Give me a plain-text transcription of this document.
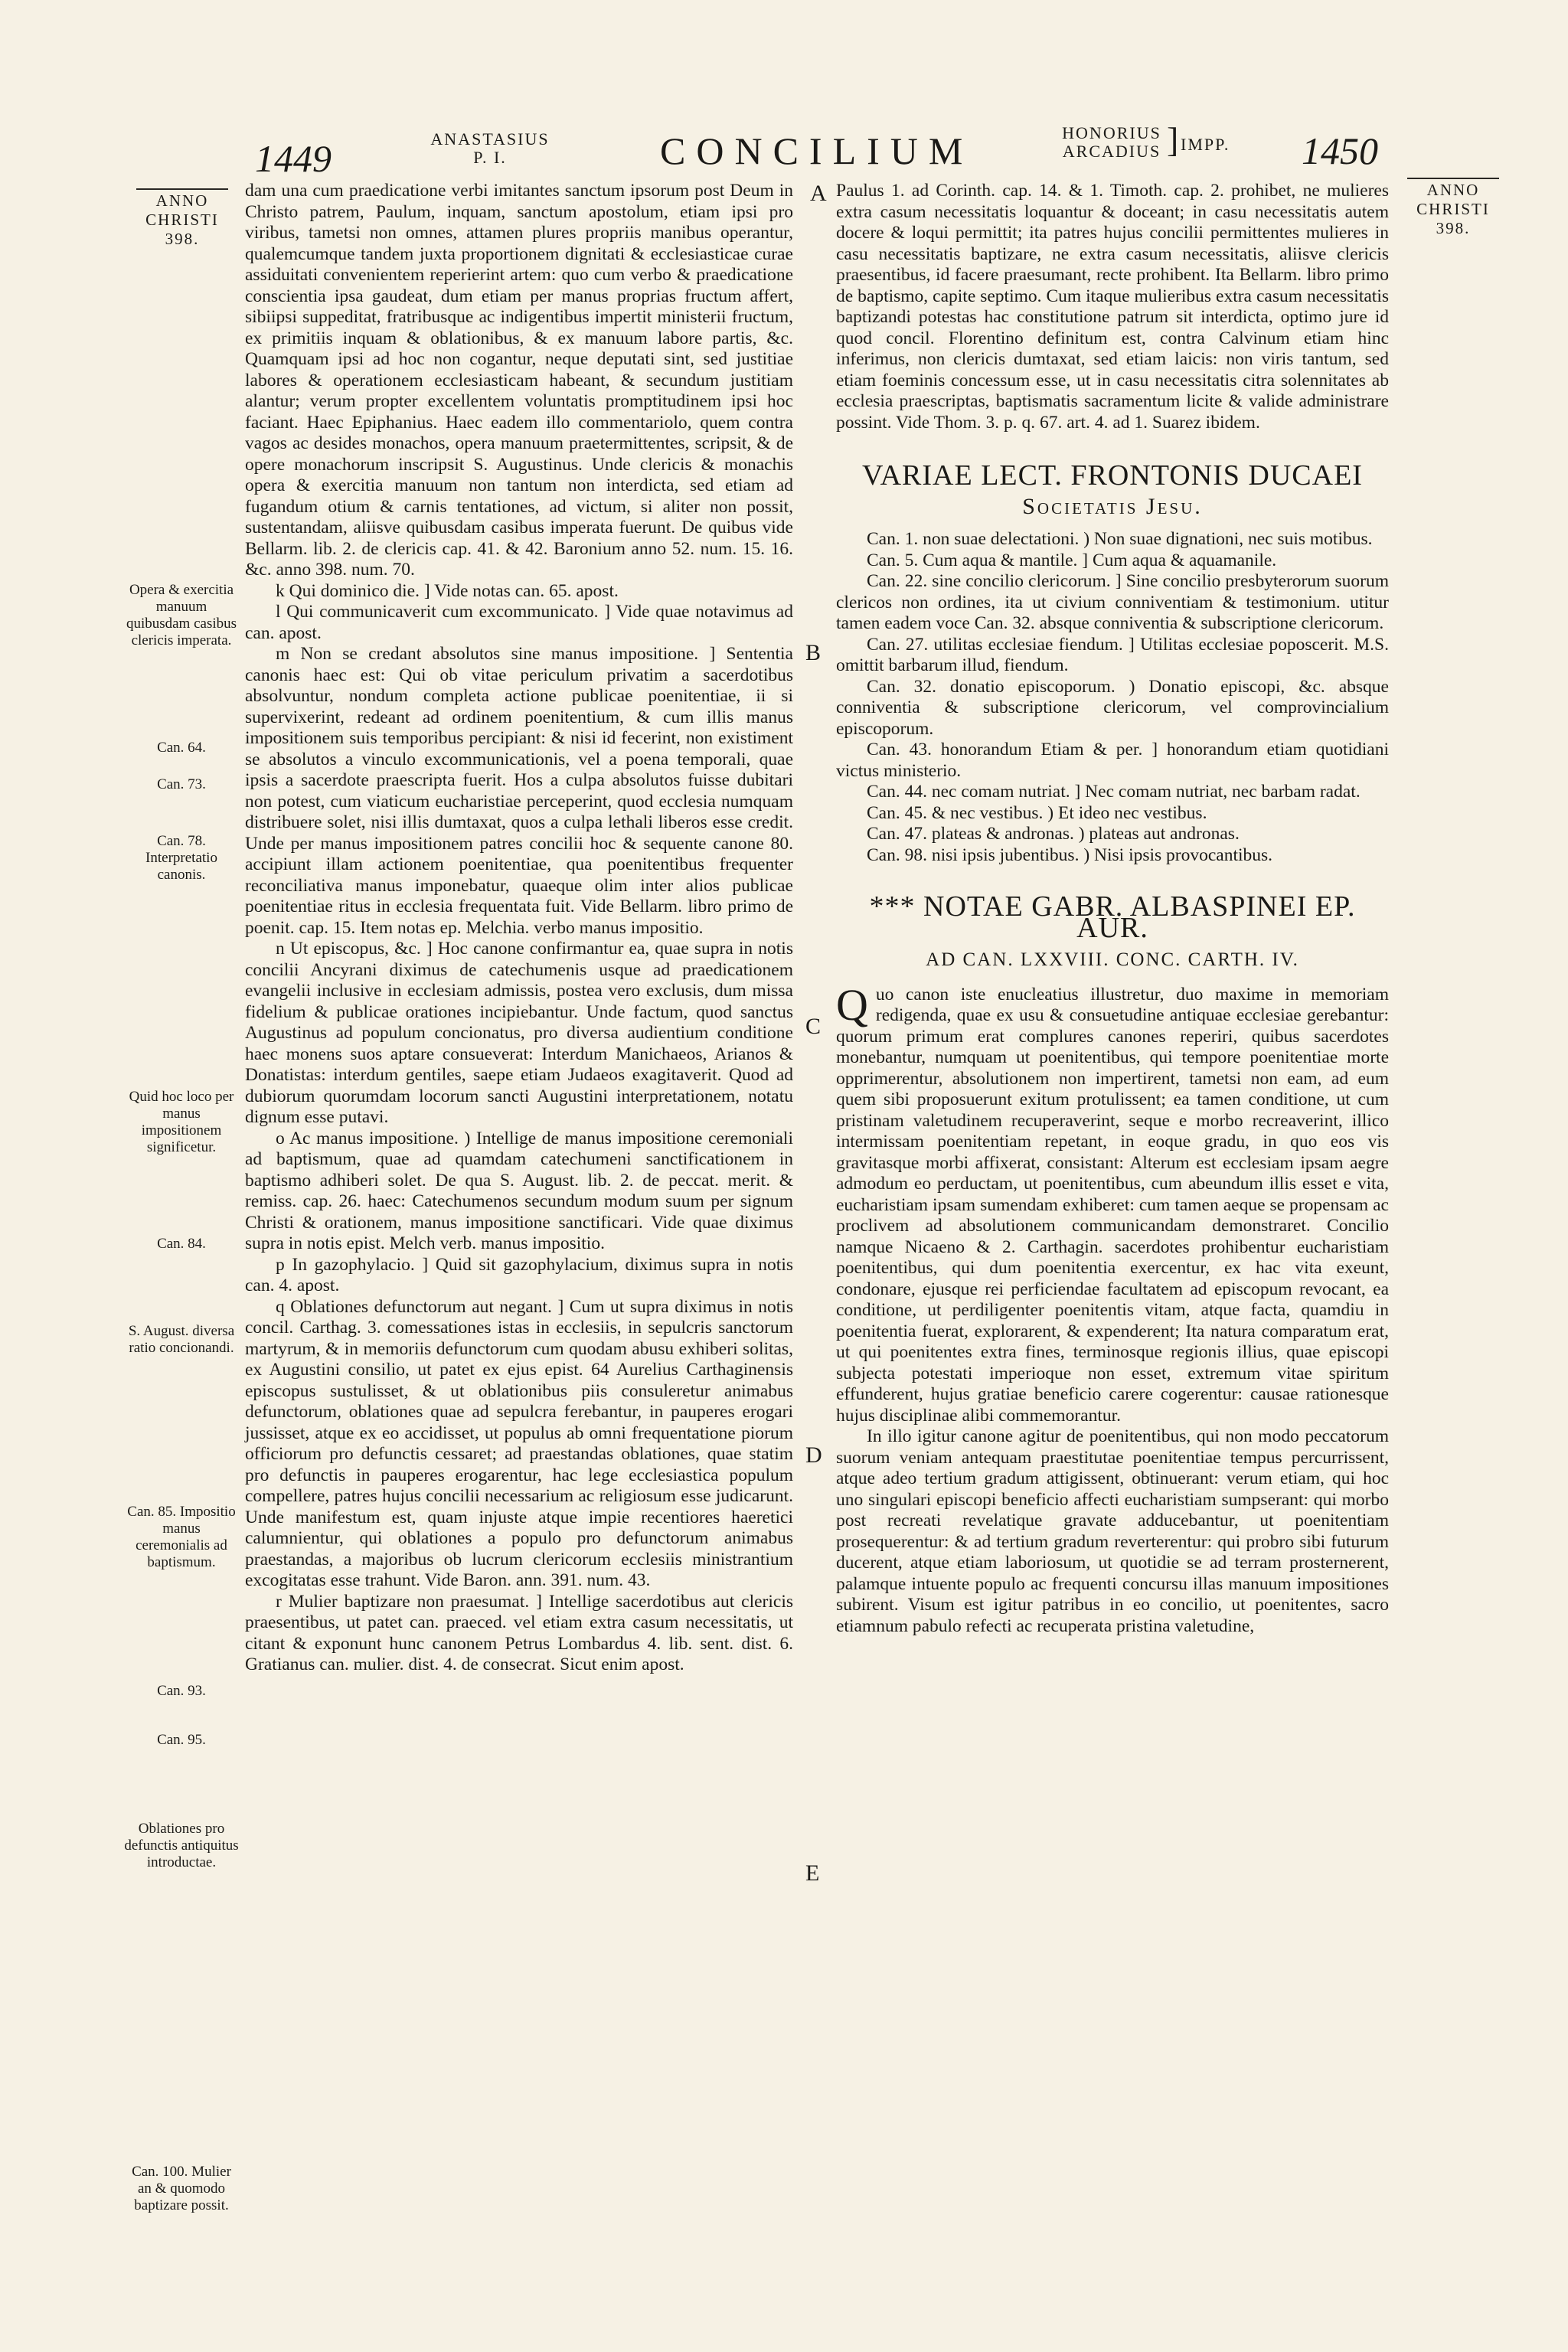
1449	ANASTASIUS
P. I.	CONCILIUM	HONORIUS
ARCADIUS ] IMPP. 1450
ANNO
CHRISTI
398.
ANNO
CHRISTI
398.
Opera & exercitia manuum quibusdam casibus clericis imperata.
Can. 64.
Can. 73.
Can. 78. Interpretatio canonis.
Quid hoc loco per manus impositionem significetur.
Can. 84.
S. August. diversa ratio concionandi.
Can. 85. Impositio manus ceremonialis ad baptismum.
Can. 93.
Can. 95.
Oblationes pro defunctis antiquitus introductae.
Can. 100. Mulier an & quomodo baptizare possit.
A
B
C
D
E

dam una cum praedicatione verbi imitantes sanctum ipsorum post Deum in Christo patrem, Paulum, inquam, sanctum apostolum, etiam ipsi pro viribus, tametsi non omnes, attamen plures propriis manibus operantur, qualemcumque tandem juxta proportionem dignitati & ecclesiasticae curae assiduitati convenientem reperierint artem: quo cum verbo & praedicatione conscientia ipsa gaudeat, dum etiam per manus proprias fructum affert, sibiipsi suppeditat, fratribusque ac indigentibus impertit ministerii fructum, ex primitiis inquam & oblationibus, & ex manuum labore partis, &c. Quamquam ipsi ad hoc non cogantur, neque deputati sint, sed justitiae labores & operationem ecclesiasticam habeant, & secundum justitiam alantur; verum propter excellentem voluntatis promptitudinem ipsi hoc faciant. Haec Epiphanius. Haec eadem illo commentariolo, quem contra vagos ac desides monachos, opera manuum praetermittentes, scripsit, & de opere monachorum inscripsit S. Augustinus. Unde clericis & monachis opera & exercitia manuum non tantum non interdicta, sed etiam ad fugandum otium & carnis tentationes, ad victum, si aliter non possit, sustentandam, aliisve quibusdam casibus imperata fuerunt. De quibus vide Bellarm. lib. 2. de clericis cap. 41. & 42. Baronium anno 52. num. 15. 16. &c. anno 398. num. 70.

k Qui dominico die. ] Vide notas can. 65. apost.

l Qui communicaverit cum excommunicato. ] Vide quae notavimus ad can. apost.

m Non se credant absolutos sine manus impositione. ] Sententia canonis haec est: Qui ob vitae periculum privatim a sacerdotibus absolvuntur, nondum completa actione publicae poenitentiae, ii si supervixerint, redeant ad ordinem poenitentium, & cum illis manus impositionem suis temporibus percipiant: & nisi id fecerint, non existiment se absolutos a vinculo excommunicationis, vel a poena temporali, quae ipsis a sacerdote praescripta fuerit. Hos a culpa absolutos fuisse dubitari non potest, cum viaticum eucharistiae perceperint, quod ecclesia numquam distribuere solet, nisi illis dumtaxat, quos a culpa lethali liberos esse credit. Unde per manus impositionem patres concilii hoc & sequente canone 80. accipiunt illam actionem poenitentiae, qua poenitentibus frequenter reconciliativa manus imponebatur, quaeque olim inter alios publicae poenitentiae ritus in ecclesia frequentata fuit. Vide Bellarm. libro primo de poenit. cap. 15. Item notas ep. Melchia. verbo manus impositio.

n Ut episcopus, &c. ] Hoc canone confirmantur ea, quae supra in notis concilii Ancyrani diximus de catechumenis usque ad praedicationem evangelii inclusive in ecclesiam admissis, postea vero exclusis, dum missa fidelium & publicae orationes incipiebantur. Unde factum, quod sanctus Augustinus ad populum concionatus, pro diversa audientium conditione haec monens suos aptare consueverat: Interdum Manichaeos, Arianos & Donatistas: interdum gentiles, saepe etiam Judaeos exagitaverit. Quod ad dubiorum quorumdam locorum sancti Augustini interpretationem, notatu dignum esse putavi.

o Ac manus impositione. ) Intellige de manus impositione ceremoniali ad baptismum, quae ad quamdam catechumeni sanctificationem in baptismo adhiberi solet. De qua S. August. lib. 2. de peccat. merit. & remiss. cap. 26. haec: Catechumenos secundum modum suum per signum Christi & orationem, manus impositione sanctificari. Vide quae diximus supra in notis epist. Melch verb. manus impositio.

p In gazophylacio. ] Quid sit gazophylacium, diximus supra in notis can. 4. apost.

q Oblationes defunctorum aut negant. ] Cum ut supra diximus in notis concil. Carthag. 3. comessationes istas in ecclesiis, in sepulcris sanctorum martyrum, & in memoriis defunctorum cum quodam abusu exhiberi solitas, ex Augustini consilio, ut patet ex ejus epist. 64 Aurelius Carthaginensis episcopus sustulisset, & ut oblationibus piis consuleretur animabus defunctorum, oblationes quae ad sepulcra ferebantur, in pauperes erogari jussisset, atque ex eo accidisset, ut populus ab omni frequentatione piorum officiorum pro defunctis cessaret; ad praestandas oblationes, quae statim pro defunctis in pauperes erogarentur, hac lege ecclesiastica populum compellere, patres hujus concilii necessarium ac religiosum esse judicarunt. Unde manifestum est, quam injuste atque impie recentiores haeretici calumnientur, qui oblationes a populo pro defunctorum animabus praestandas, a majoribus ob lucrum clericorum ecclesiis ministrantium excogitatas esse trahunt. Vide Baron. ann. 391. num. 43.

r Mulier baptizare non praesumat. ] Intellige sacerdotibus aut clericis praesentibus, ut patet can. praeced. vel etiam extra casum necessitatis, ut citant & exponunt hunc canonem Petrus Lombardus 4. lib. sent. dist. 6. Gratianus can. mulier. dist. 4. de consecrat. Sicut enim apost.

Paulus 1. ad Corinth. cap. 14. & 1. Timoth. cap. 2. prohibet, ne mulieres extra casum necessitatis loquantur & doceant; in casu necessitatis autem docere & loqui permittit; ita patres hujus concilii permittentes mulieres in casu necessitatis baptizare, ne extra casum necessitatis, aliisve clericis praesentibus, id facere praesumant, recte prohibent. Ita Bellarm. libro primo de baptismo, capite septimo. Cum itaque mulieribus extra casum necessitatis baptizandi potestas hac constitutione patrum sit interdicta, optimo jure id quod concil. Florentino definitum est, contra Calvinum etiam hinc inferimus, non clericis dumtaxat, sed etiam laicis: non viris tantum, sed etiam foeminis concessum esse, ut in casu necessitatis citra solennitates ab ecclesia praescriptas, baptismatis sacramentum licite & valide administrare possint. Vide Thom. 3. p. q. 67. art. 4. ad 1. Suarez ibidem.

VARIAE LECT. FRONTONIS DUCAEI
Societatis Jesu.

Can. 1. non suae delectationi. ) Non suae dignationi, nec suis motibus.

Can. 5. Cum aqua & mantile. ] Cum aqua & aquamanile.

Can. 22. sine concilio clericorum. ] Sine concilio presbyterorum suorum clericos non ordines, ita ut civium conniventiam & testimonium. utitur tamen eadem voce Can. 32. absque conniventia & subscriptione clericorum.

Can. 27. utilitas ecclesiae fiendum. ] Utilitas ecclesiae poposcerit. M.S. omittit barbarum illud, fiendum.

Can. 32. donatio episcoporum. ) Donatio episcopi, &c. absque conniventia & subscriptione clericorum, vel comprovincialium episcoporum.

Can. 43. honorandum Etiam & per. ] honorandum etiam quotidiani victus ministerio.

Can. 44. nec comam nutriat. ] Nec comam nutriat, nec barbam radat.

Can. 45. & nec vestibus. ) Et ideo nec vestibus.

Can. 47. plateas & andronas. ) plateas aut andronas.

Can. 98. nisi ipsis jubentibus. ) Nisi ipsis provocantibus.

*** NOTAE GABR. ALBASPINEI EP. AUR.
AD CAN. LXXVIII. CONC. CARTH. IV.

Quo canon iste enucleatius illustretur, duo maxime in memoriam redigenda, quae ex usu & consuetudine antiquae ecclesiae gerebantur: quorum primum erat complures canones reperiri, quibus sacerdotes monebantur, numquam ut poenitentibus, qui tempore poenitentiae morte opprimerentur, absolutionem non impertirent, tametsi non eam, ad eum quem sibi proposuerunt exitum protulissent; ea tamen conditione, ut cum pristinam valetudinem recuperaverint, seque e morbo recreaverint, illico intermissam poenitentiam repetant, in eoque gradu, in quo eos vis gravitasque morbi affixerat, consistant: Alterum est ecclesiam ipsam aegre admodum eo perductam, ut poenitentibus, cum abeundum illis esset e vita, eucharistiam ipsam sumendam exhiberet: cum tamen aeque se propensam ac proclivem ad absolutionem communicandam demonstraret. Concilio namque Nicaeno & 2. Carthagin. sacerdotes prohibentur eucharistiam poenitentibus, qui dum poenitentia exercentur, ex hac vita exeunt, condonare, ejusque rei perficiendae facultatem ad episcopum revocant, ea conditione, ut perdiligenter poenitentis vitam, atque facta, quamdiu in poenitentia fuerat, explorarent, & expenderent; Ita natura comparatum erat, ut qui poenitentes extra fines, terminosque regionis illius, quae episcopi subjecta potestati imperioque non esset, extremum vitae spiritum effunderent, hujus gratiae beneficio carere cogerentur: causae rationesque hujus disciplinae alibi commemorantur.

In illo igitur canone agitur de poenitentibus, qui non modo peccatorum suorum veniam antequam praestitutae poenitentiae tempus percurrissent, atque adeo tertium gradum attigissent, obtinuerant: verum etiam, qui hoc uno singulari episcopi beneficio affecti eucharistiam sumpserant: qui morbo post recreati revelatique gravate adducebantur, ut poenitentiam prosequerentur: & ad tertium gradum reverterentur: qui probro sibi futurum ducerent, atque etiam laboriosum, ut quotidie se ad terram prosternerent, palamque intuente populo ac frequenti concursu illas manuum impositiones subirent. Visum est igitur patribus in eo concilio, ut poenitentes, sacro etiamnum pabulo refecti ac recuperata pristina valetudine,
